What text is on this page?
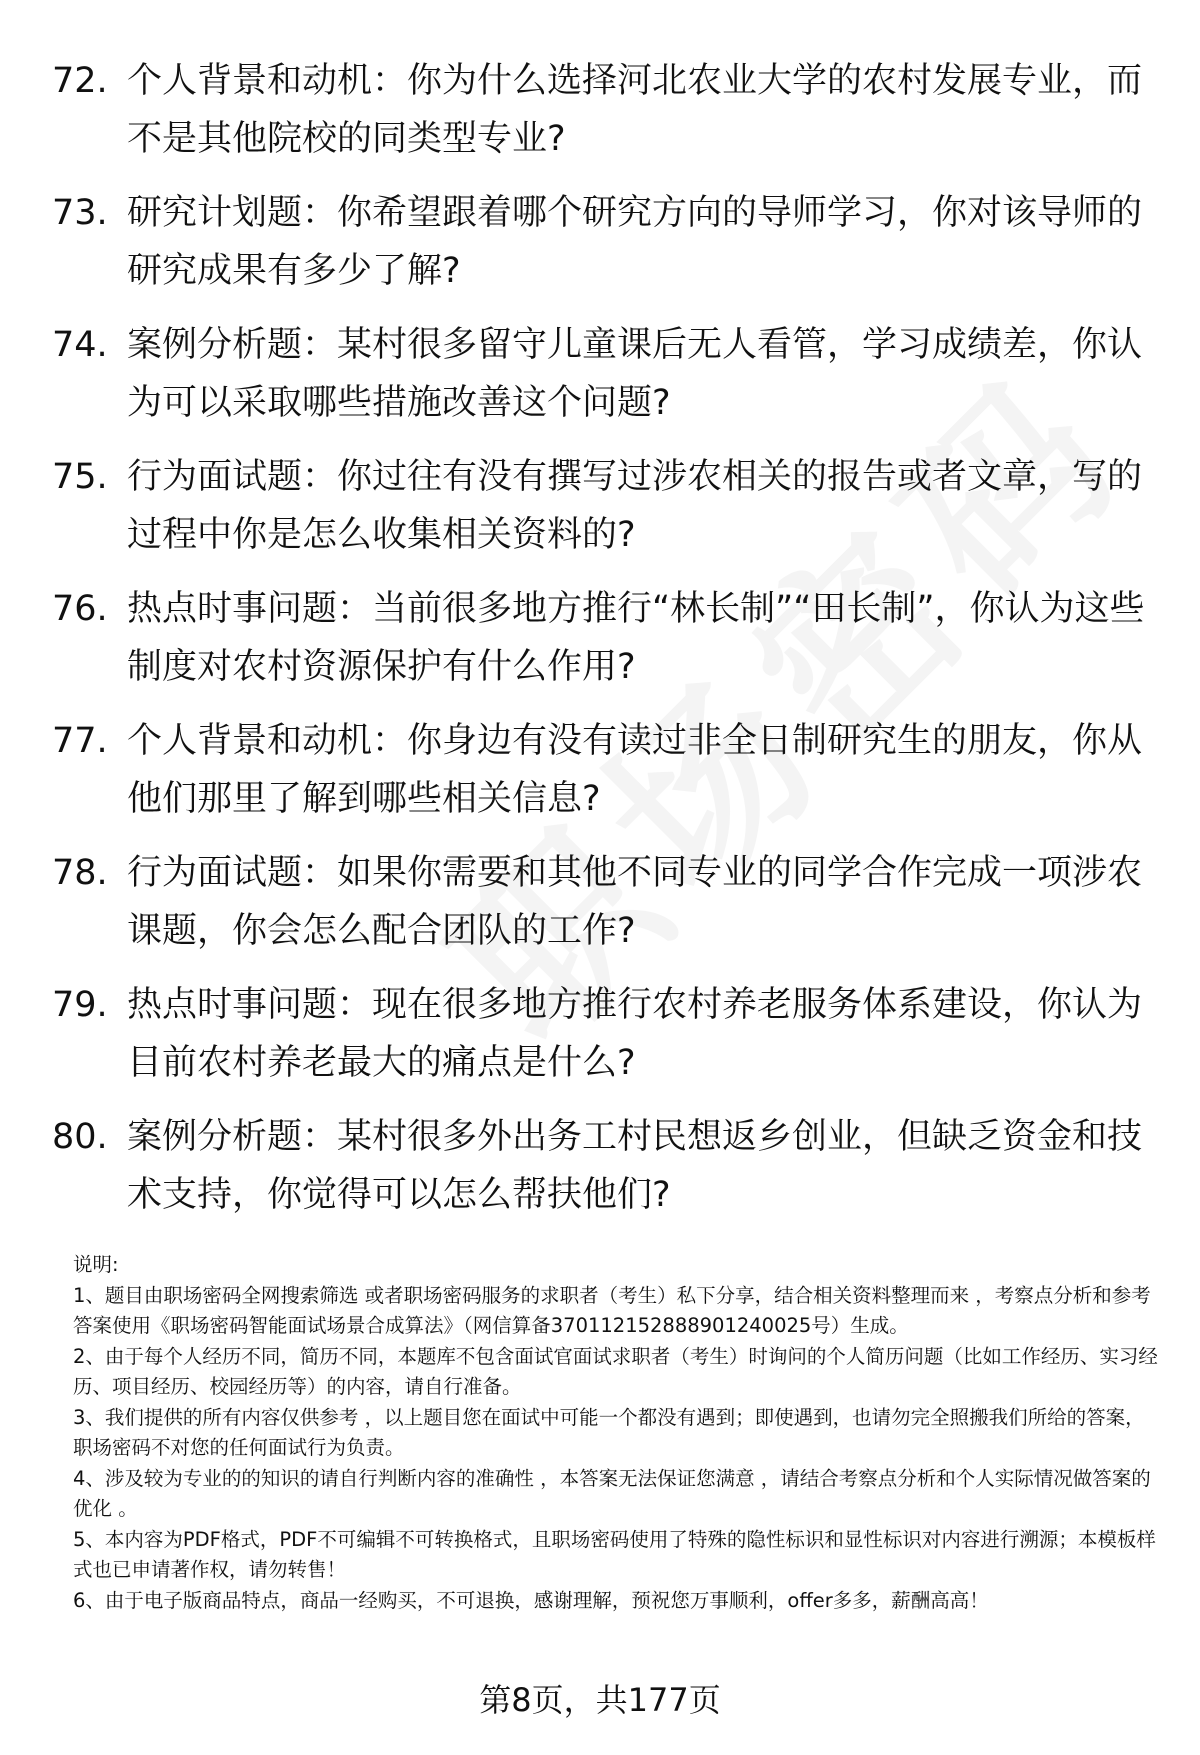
72. 个人背景和动机：你为什么选择河北农业大学的农村发展专业，而不是其他院校的同类型专业?
73. 研究计划题：你希望跟着哪个研究方向的导师学习，你对该导师的研究成果有多少了解?
74. 案例分析题：某村很多留守儿童课后无人看管，学习成绩差，你认为可以采取哪些措施改善这个问题?
75. 行为面试题：你过往有没有撰写过涉农相关的报告或者文章，写的过程中你是怎么收集相关资料的?
76. 热点时事问题：当前很多地方推行“林长制”“田长制”，你认为这些制度对农村资源保护有什么作用?
77. 个人背景和动机：你身边有没有读过非全日制研究生的朋友，你从他们那里了解到哪些相关信息?
78. 行为面试题：如果你需要和其他不同专业的同学合作完成一项涉农课题，你会怎么配合团队的工作?
79. 热点时事问题：现在很多地方推行农村养老服务体系建设，你认为目前农村养老最大的痛点是什么?
80. 案例分析题：某村很多外出务工村民想返乡创业，但缺乏资金和技术支持，你觉得可以怎么帮扶他们?

说明:

1、题目由职场密码全网搜索筛选 或者职场密码服务的求职者（考生）私下分享，结合相关资料整理而来 ，考察点分析和参考答案使用《职场密码智能面试场景合成算法》（网信算备37011215288890124002​5号）生成。

2、由于每个人经历不同，简历不同，本题库不包含面试官面试求职者（考生）时询问的个人简历问题（比如工作经历、实习经历、项目经历、校园经历等）的内容，请自行准备。

3、我们提供的所有内容仅供参考 ，以上题目您在面试中可能一个都没有遇到；即使遇到，也请勿完全照搬我们所给的答案，职场密码不对您的任何面试行为负责。

4、涉及较为专业的的知识的请自行判断内容的准确性 ，本答案无法保证您满意 ，请结合考察点分析和个人实际情况做答案的优化 。

5、本内容为PDF格式，PDF不可编辑不可转换格式，且职场密码使用了特殊的隐性标识和显性标识对内容进行溯源；本模板样式也已申请著作权，请勿转售！

6、由于电子版商品特点，商品一经购买，不可退换，感谢理解，预祝您万事顺利，offer多多，薪酬高高！

第8页，共177页
